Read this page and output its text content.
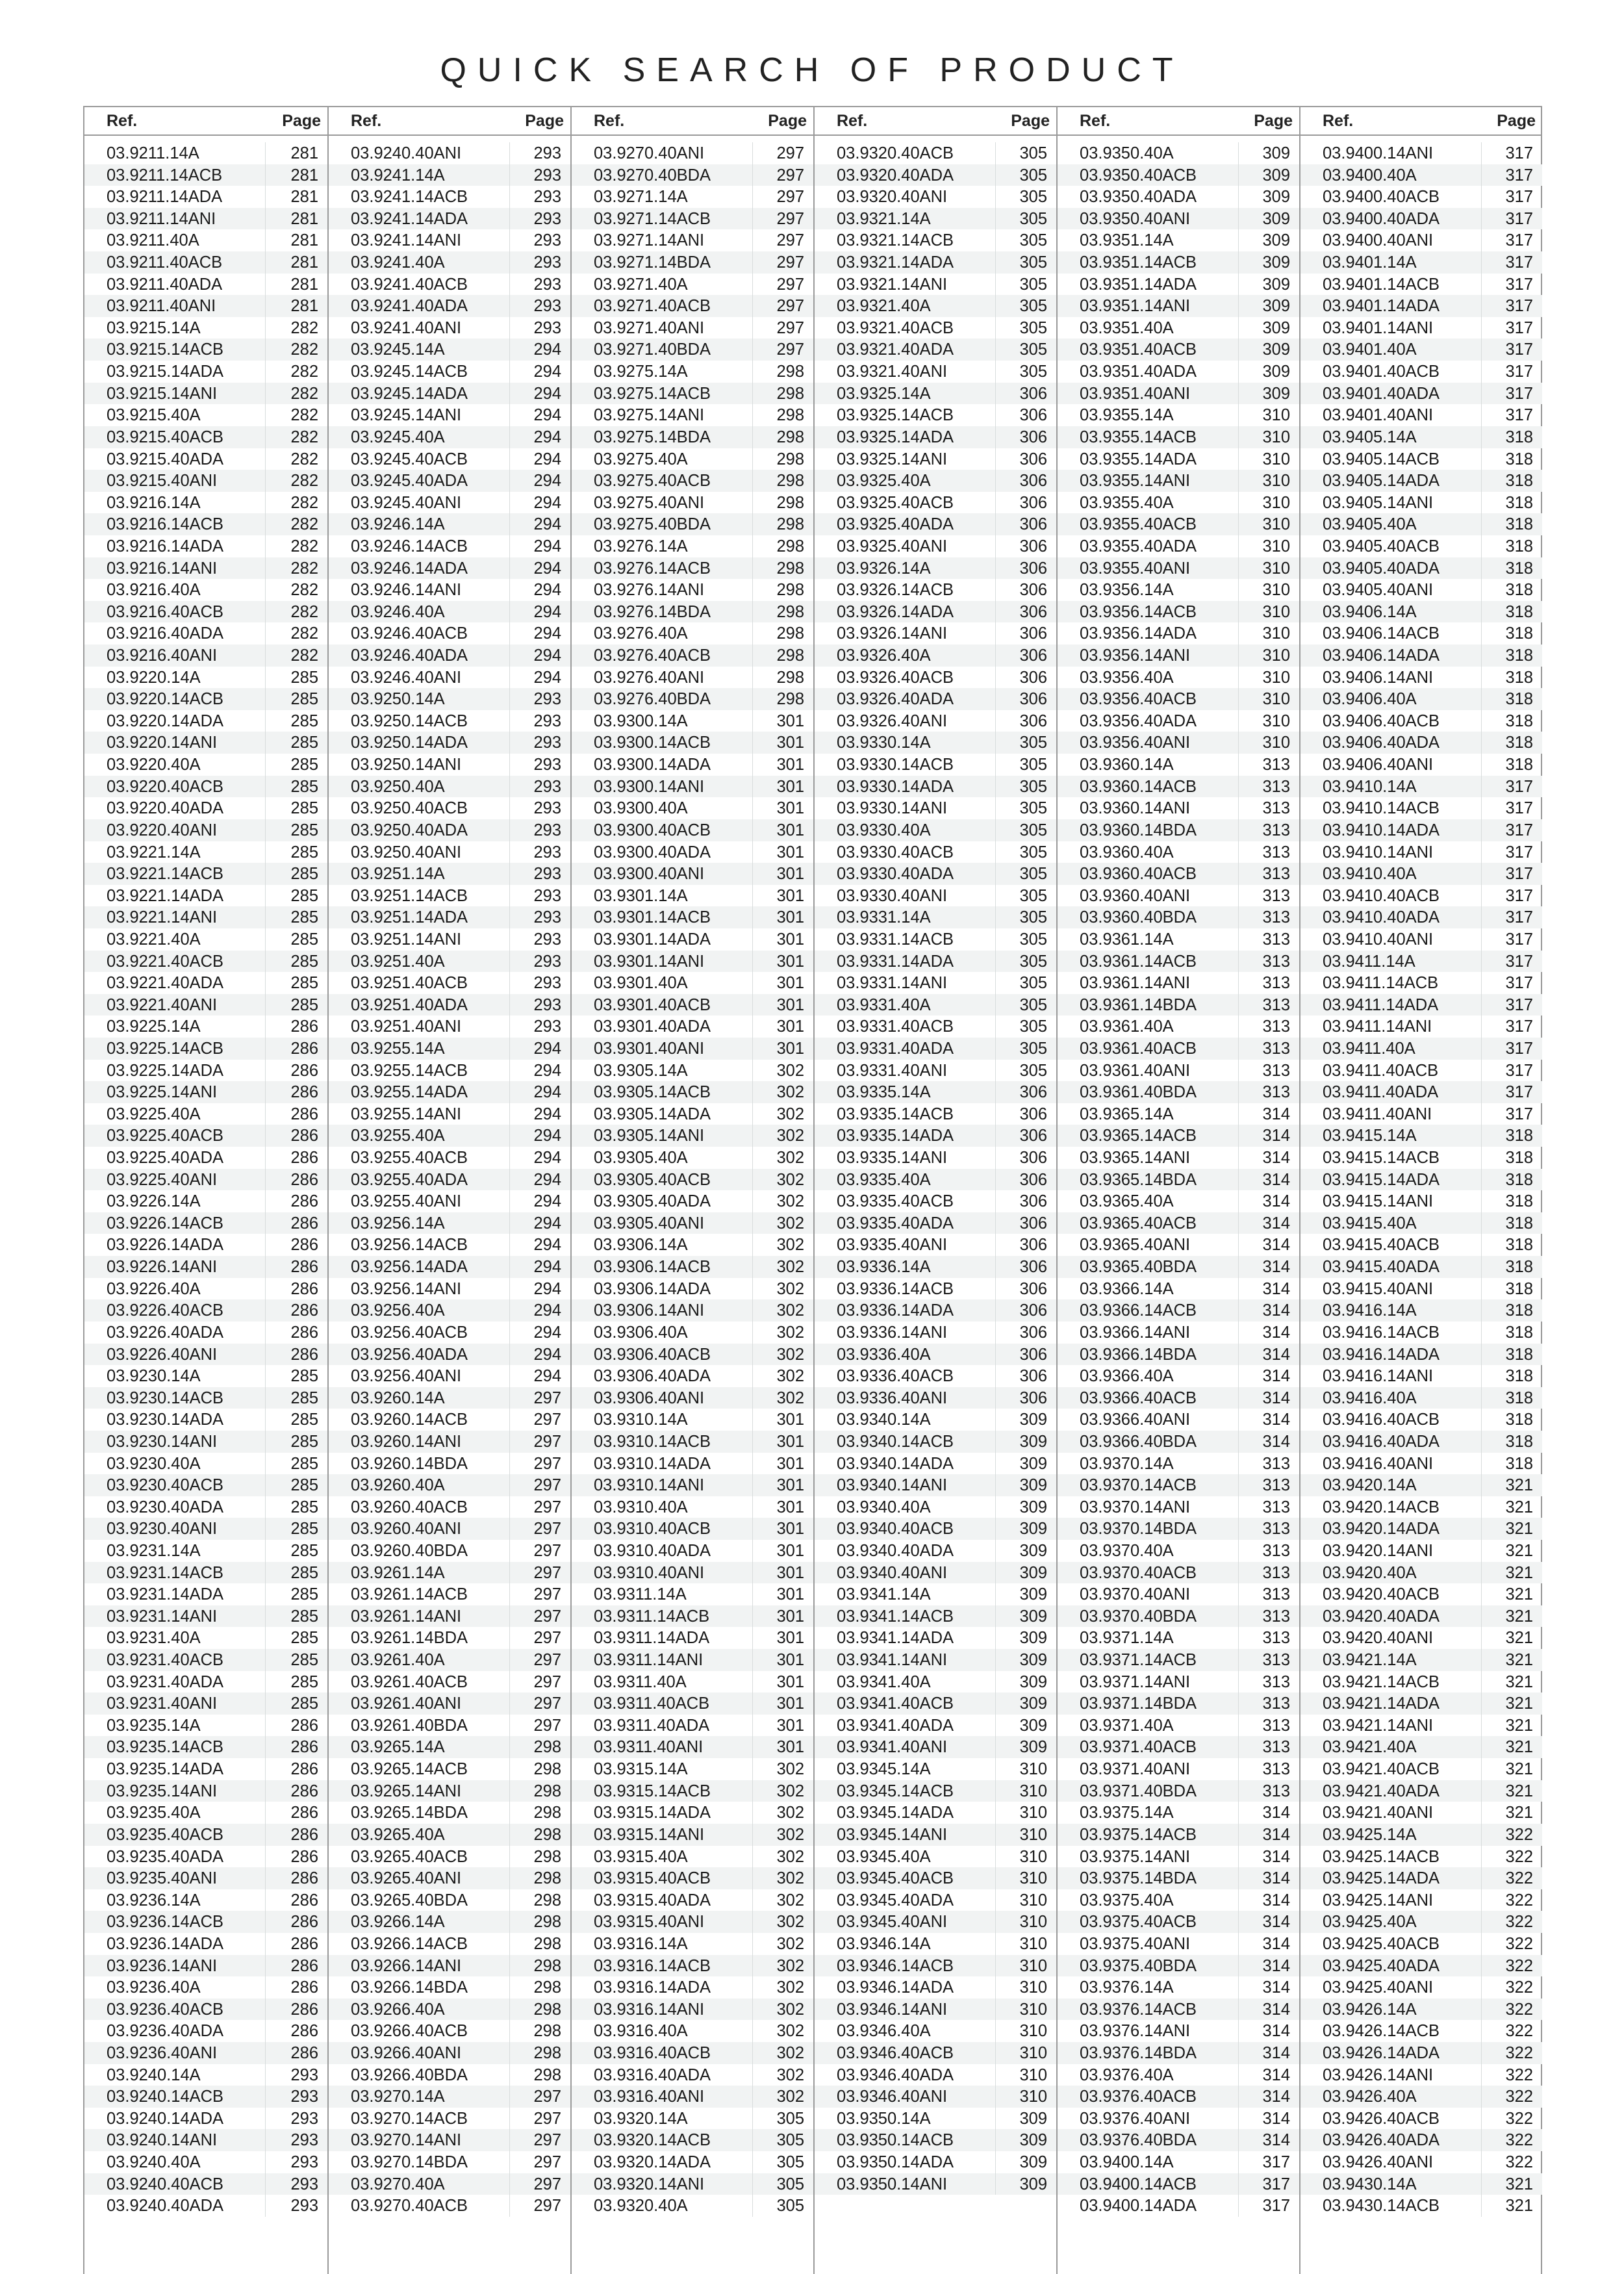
QUICK SEARCH OF PRODUCT
Ref.	Page
03.9211.14A	281
03.9211.14ACB	281
03.9211.14ADA	281
03.9211.14ANI	281
03.9211.40A	281
03.9211.40ACB	281
03.9211.40ADA	281
03.9211.40ANI	281
03.9215.14A	282
03.9215.14ACB	282
03.9215.14ADA	282
03.9215.14ANI	282
03.9215.40A	282
03.9215.40ACB	282
03.9215.40ADA	282
03.9215.40ANI	282
03.9216.14A	282
03.9216.14ACB	282
03.9216.14ADA	282
03.9216.14ANI	282
03.9216.40A	282
03.9216.40ACB	282
03.9216.40ADA	282
03.9216.40ANI	282
03.9220.14A	285
03.9220.14ACB	285
03.9220.14ADA	285
03.9220.14ANI	285
03.9220.40A	285
03.9220.40ACB	285
03.9220.40ADA	285
03.9220.40ANI	285
03.9221.14A	285
03.9221.14ACB	285
03.9221.14ADA	285
03.9221.14ANI	285
03.9221.40A	285
03.9221.40ACB	285
03.9221.40ADA	285
03.9221.40ANI	285
03.9225.14A	286
03.9225.14ACB	286
03.9225.14ADA	286
03.9225.14ANI	286
03.9225.40A	286
03.9225.40ACB	286
03.9225.40ADA	286
03.9225.40ANI	286
03.9226.14A	286
03.9226.14ACB	286
03.9226.14ADA	286
03.9226.14ANI	286
03.9226.40A	286
03.9226.40ACB	286
03.9226.40ADA	286
03.9226.40ANI	286
03.9230.14A	285
03.9230.14ACB	285
03.9230.14ADA	285
03.9230.14ANI	285
03.9230.40A	285
03.9230.40ACB	285
03.9230.40ADA	285
03.9230.40ANI	285
03.9231.14A	285
03.9231.14ACB	285
03.9231.14ADA	285
03.9231.14ANI	285
03.9231.40A	285
03.9231.40ACB	285
03.9231.40ADA	285
03.9231.40ANI	285
03.9235.14A	286
03.9235.14ACB	286
03.9235.14ADA	286
03.9235.14ANI	286
03.9235.40A	286
03.9235.40ACB	286
03.9235.40ADA	286
03.9235.40ANI	286
03.9236.14A	286
03.9236.14ACB	286
03.9236.14ADA	286
03.9236.14ANI	286
03.9236.40A	286
03.9236.40ACB	286
03.9236.40ADA	286
03.9236.40ANI	286
03.9240.14A	293
03.9240.14ACB	293
03.9240.14ADA	293
03.9240.14ANI	293
03.9240.40A	293
03.9240.40ACB	293
03.9240.40ADA	293
Ref.	Page
03.9240.40ANI	293
03.9241.14A	293
03.9241.14ACB	293
03.9241.14ADA	293
03.9241.14ANI	293
03.9241.40A	293
03.9241.40ACB	293
03.9241.40ADA	293
03.9241.40ANI	293
03.9245.14A	294
03.9245.14ACB	294
03.9245.14ADA	294
03.9245.14ANI	294
03.9245.40A	294
03.9245.40ACB	294
03.9245.40ADA	294
03.9245.40ANI	294
03.9246.14A	294
03.9246.14ACB	294
03.9246.14ADA	294
03.9246.14ANI	294
03.9246.40A	294
03.9246.40ACB	294
03.9246.40ADA	294
03.9246.40ANI	294
03.9250.14A	293
03.9250.14ACB	293
03.9250.14ADA	293
03.9250.14ANI	293
03.9250.40A	293
03.9250.40ACB	293
03.9250.40ADA	293
03.9250.40ANI	293
03.9251.14A	293
03.9251.14ACB	293
03.9251.14ADA	293
03.9251.14ANI	293
03.9251.40A	293
03.9251.40ACB	293
03.9251.40ADA	293
03.9251.40ANI	293
03.9255.14A	294
03.9255.14ACB	294
03.9255.14ADA	294
03.9255.14ANI	294
03.9255.40A	294
03.9255.40ACB	294
03.9255.40ADA	294
03.9255.40ANI	294
03.9256.14A	294
03.9256.14ACB	294
03.9256.14ADA	294
03.9256.14ANI	294
03.9256.40A	294
03.9256.40ACB	294
03.9256.40ADA	294
03.9256.40ANI	294
03.9260.14A	297
03.9260.14ACB	297
03.9260.14ANI	297
03.9260.14BDA	297
03.9260.40A	297
03.9260.40ACB	297
03.9260.40ANI	297
03.9260.40BDA	297
03.9261.14A	297
03.9261.14ACB	297
03.9261.14ANI	297
03.9261.14BDA	297
03.9261.40A	297
03.9261.40ACB	297
03.9261.40ANI	297
03.9261.40BDA	297
03.9265.14A	298
03.9265.14ACB	298
03.9265.14ANI	298
03.9265.14BDA	298
03.9265.40A	298
03.9265.40ACB	298
03.9265.40ANI	298
03.9265.40BDA	298
03.9266.14A	298
03.9266.14ACB	298
03.9266.14ANI	298
03.9266.14BDA	298
03.9266.40A	298
03.9266.40ACB	298
03.9266.40ANI	298
03.9266.40BDA	298
03.9270.14A	297
03.9270.14ACB	297
03.9270.14ANI	297
03.9270.14BDA	297
03.9270.40A	297
03.9270.40ACB	297
Ref.	Page
03.9270.40ANI	297
03.9270.40BDA	297
03.9271.14A	297
03.9271.14ACB	297
03.9271.14ANI	297
03.9271.14BDA	297
03.9271.40A	297
03.9271.40ACB	297
03.9271.40ANI	297
03.9271.40BDA	297
03.9275.14A	298
03.9275.14ACB	298
03.9275.14ANI	298
03.9275.14BDA	298
03.9275.40A	298
03.9275.40ACB	298
03.9275.40ANI	298
03.9275.40BDA	298
03.9276.14A	298
03.9276.14ACB	298
03.9276.14ANI	298
03.9276.14BDA	298
03.9276.40A	298
03.9276.40ACB	298
03.9276.40ANI	298
03.9276.40BDA	298
03.9300.14A	301
03.9300.14ACB	301
03.9300.14ADA	301
03.9300.14ANI	301
03.9300.40A	301
03.9300.40ACB	301
03.9300.40ADA	301
03.9300.40ANI	301
03.9301.14A	301
03.9301.14ACB	301
03.9301.14ADA	301
03.9301.14ANI	301
03.9301.40A	301
03.9301.40ACB	301
03.9301.40ADA	301
03.9301.40ANI	301
03.9305.14A	302
03.9305.14ACB	302
03.9305.14ADA	302
03.9305.14ANI	302
03.9305.40A	302
03.9305.40ACB	302
03.9305.40ADA	302
03.9305.40ANI	302
03.9306.14A	302
03.9306.14ACB	302
03.9306.14ADA	302
03.9306.14ANI	302
03.9306.40A	302
03.9306.40ACB	302
03.9306.40ADA	302
03.9306.40ANI	302
03.9310.14A	301
03.9310.14ACB	301
03.9310.14ADA	301
03.9310.14ANI	301
03.9310.40A	301
03.9310.40ACB	301
03.9310.40ADA	301
03.9310.40ANI	301
03.9311.14A	301
03.9311.14ACB	301
03.9311.14ADA	301
03.9311.14ANI	301
03.9311.40A	301
03.9311.40ACB	301
03.9311.40ADA	301
03.9311.40ANI	301
03.9315.14A	302
03.9315.14ACB	302
03.9315.14ADA	302
03.9315.14ANI	302
03.9315.40A	302
03.9315.40ACB	302
03.9315.40ADA	302
03.9315.40ANI	302
03.9316.14A	302
03.9316.14ACB	302
03.9316.14ADA	302
03.9316.14ANI	302
03.9316.40A	302
03.9316.40ACB	302
03.9316.40ADA	302
03.9316.40ANI	302
03.9320.14A	305
03.9320.14ACB	305
03.9320.14ADA	305
03.9320.14ANI	305
03.9320.40A	305
Ref.	Page
03.9320.40ACB	305
03.9320.40ADA	305
03.9320.40ANI	305
03.9321.14A	305
03.9321.14ACB	305
03.9321.14ADA	305
03.9321.14ANI	305
03.9321.40A	305
03.9321.40ACB	305
03.9321.40ADA	305
03.9321.40ANI	305
03.9325.14A	306
03.9325.14ACB	306
03.9325.14ADA	306
03.9325.14ANI	306
03.9325.40A	306
03.9325.40ACB	306
03.9325.40ADA	306
03.9325.40ANI	306
03.9326.14A	306
03.9326.14ACB	306
03.9326.14ADA	306
03.9326.14ANI	306
03.9326.40A	306
03.9326.40ACB	306
03.9326.40ADA	306
03.9326.40ANI	306
03.9330.14A	305
03.9330.14ACB	305
03.9330.14ADA	305
03.9330.14ANI	305
03.9330.40A	305
03.9330.40ACB	305
03.9330.40ADA	305
03.9330.40ANI	305
03.9331.14A	305
03.9331.14ACB	305
03.9331.14ADA	305
03.9331.14ANI	305
03.9331.40A	305
03.9331.40ACB	305
03.9331.40ADA	305
03.9331.40ANI	305
03.9335.14A	306
03.9335.14ACB	306
03.9335.14ADA	306
03.9335.14ANI	306
03.9335.40A	306
03.9335.40ACB	306
03.9335.40ADA	306
03.9335.40ANI	306
03.9336.14A	306
03.9336.14ACB	306
03.9336.14ADA	306
03.9336.14ANI	306
03.9336.40A	306
03.9336.40ACB	306
03.9336.40ANI	306
03.9340.14A	309
03.9340.14ACB	309
03.9340.14ADA	309
03.9340.14ANI	309
03.9340.40A	309
03.9340.40ACB	309
03.9340.40ADA	309
03.9340.40ANI	309
03.9341.14A	309
03.9341.14ACB	309
03.9341.14ADA	309
03.9341.14ANI	309
03.9341.40A	309
03.9341.40ACB	309
03.9341.40ADA	309
03.9341.40ANI	309
03.9345.14A	310
03.9345.14ACB	310
03.9345.14ADA	310
03.9345.14ANI	310
03.9345.40A	310
03.9345.40ACB	310
03.9345.40ADA	310
03.9345.40ANI	310
03.9346.14A	310
03.9346.14ACB	310
03.9346.14ADA	310
03.9346.14ANI	310
03.9346.40A	310
03.9346.40ACB	310
03.9346.40ADA	310
03.9346.40ANI	310
03.9350.14A	309
03.9350.14ACB	309
03.9350.14ADA	309
03.9350.14ANI	309
Ref.	Page
03.9350.40A	309
03.9350.40ACB	309
03.9350.40ADA	309
03.9350.40ANI	309
03.9351.14A	309
03.9351.14ACB	309
03.9351.14ADA	309
03.9351.14ANI	309
03.9351.40A	309
03.9351.40ACB	309
03.9351.40ADA	309
03.9351.40ANI	309
03.9355.14A	310
03.9355.14ACB	310
03.9355.14ADA	310
03.9355.14ANI	310
03.9355.40A	310
03.9355.40ACB	310
03.9355.40ADA	310
03.9355.40ANI	310
03.9356.14A	310
03.9356.14ACB	310
03.9356.14ADA	310
03.9356.14ANI	310
03.9356.40A	310
03.9356.40ACB	310
03.9356.40ADA	310
03.9356.40ANI	310
03.9360.14A	313
03.9360.14ACB	313
03.9360.14ANI	313
03.9360.14BDA	313
03.9360.40A	313
03.9360.40ACB	313
03.9360.40ANI	313
03.9360.40BDA	313
03.9361.14A	313
03.9361.14ACB	313
03.9361.14ANI	313
03.9361.14BDA	313
03.9361.40A	313
03.9361.40ACB	313
03.9361.40ANI	313
03.9361.40BDA	313
03.9365.14A	314
03.9365.14ACB	314
03.9365.14ANI	314
03.9365.14BDA	314
03.9365.40A	314
03.9365.40ACB	314
03.9365.40ANI	314
03.9365.40BDA	314
03.9366.14A	314
03.9366.14ACB	314
03.9366.14ANI	314
03.9366.14BDA	314
03.9366.40A	314
03.9366.40ACB	314
03.9366.40ANI	314
03.9366.40BDA	314
03.9370.14A	313
03.9370.14ACB	313
03.9370.14ANI	313
03.9370.14BDA	313
03.9370.40A	313
03.9370.40ACB	313
03.9370.40ANI	313
03.9370.40BDA	313
03.9371.14A	313
03.9371.14ACB	313
03.9371.14ANI	313
03.9371.14BDA	313
03.9371.40A	313
03.9371.40ACB	313
03.9371.40ANI	313
03.9371.40BDA	313
03.9375.14A	314
03.9375.14ACB	314
03.9375.14ANI	314
03.9375.14BDA	314
03.9375.40A	314
03.9375.40ACB	314
03.9375.40ANI	314
03.9375.40BDA	314
03.9376.14A	314
03.9376.14ACB	314
03.9376.14ANI	314
03.9376.14BDA	314
03.9376.40A	314
03.9376.40ACB	314
03.9376.40ANI	314
03.9376.40BDA	314
03.9400.14A	317
03.9400.14ACB	317
03.9400.14ADA	317
Ref.	Page
03.9400.14ANI	317
03.9400.40A	317
03.9400.40ACB	317
03.9400.40ADA	317
03.9400.40ANI	317
03.9401.14A	317
03.9401.14ACB	317
03.9401.14ADA	317
03.9401.14ANI	317
03.9401.40A	317
03.9401.40ACB	317
03.9401.40ADA	317
03.9401.40ANI	317
03.9405.14A	318
03.9405.14ACB	318
03.9405.14ADA	318
03.9405.14ANI	318
03.9405.40A	318
03.9405.40ACB	318
03.9405.40ADA	318
03.9405.40ANI	318
03.9406.14A	318
03.9406.14ACB	318
03.9406.14ADA	318
03.9406.14ANI	318
03.9406.40A	318
03.9406.40ACB	318
03.9406.40ADA	318
03.9406.40ANI	318
03.9410.14A	317
03.9410.14ACB	317
03.9410.14ADA	317
03.9410.14ANI	317
03.9410.40A	317
03.9410.40ACB	317
03.9410.40ADA	317
03.9410.40ANI	317
03.9411.14A	317
03.9411.14ACB	317
03.9411.14ADA	317
03.9411.14ANI	317
03.9411.40A	317
03.9411.40ACB	317
03.9411.40ADA	317
03.9411.40ANI	317
03.9415.14A	318
03.9415.14ACB	318
03.9415.14ADA	318
03.9415.14ANI	318
03.9415.40A	318
03.9415.40ACB	318
03.9415.40ADA	318
03.9415.40ANI	318
03.9416.14A	318
03.9416.14ACB	318
03.9416.14ADA	318
03.9416.14ANI	318
03.9416.40A	318
03.9416.40ACB	318
03.9416.40ADA	318
03.9416.40ANI	318
03.9420.14A	321
03.9420.14ACB	321
03.9420.14ADA	321
03.9420.14ANI	321
03.9420.40A	321
03.9420.40ACB	321
03.9420.40ADA	321
03.9420.40ANI	321
03.9421.14A	321
03.9421.14ACB	321
03.9421.14ADA	321
03.9421.14ANI	321
03.9421.40A	321
03.9421.40ACB	321
03.9421.40ADA	321
03.9421.40ANI	321
03.9425.14A	322
03.9425.14ACB	322
03.9425.14ADA	322
03.9425.14ANI	322
03.9425.40A	322
03.9425.40ACB	322
03.9425.40ADA	322
03.9425.40ANI	322
03.9426.14A	322
03.9426.14ACB	322
03.9426.14ADA	322
03.9426.14ANI	322
03.9426.40A	322
03.9426.40ACB	322
03.9426.40ADA	322
03.9426.40ANI	322
03.9430.14A	321
03.9430.14ACB	321
